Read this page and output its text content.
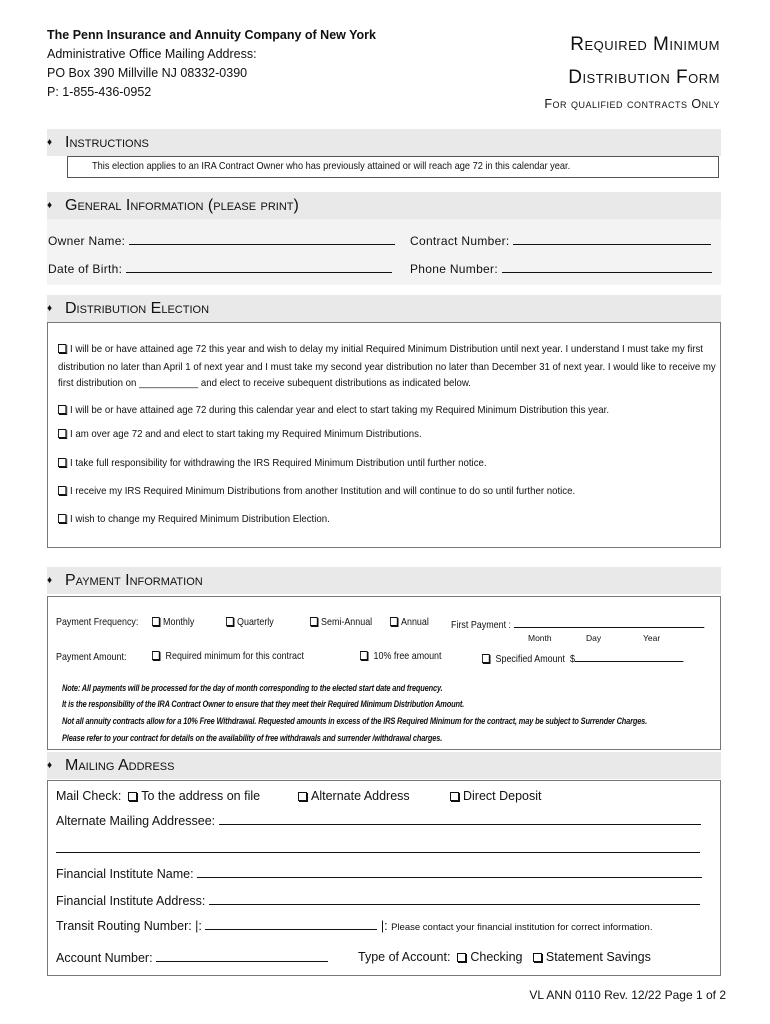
The Penn Insurance and Annuity Company of New York
Administrative Office Mailing Address:
PO Box 390 Millville NJ 08332-0390
P: 1-855-436-0952
Required Minimum
Distribution Form
For qualified contracts Only
♦ Instructions
This election applies to an IRA Contract Owner who has previously attained or will reach age 72 in this calendar year.
♦ General Information (please print)
Owner Name:	Contract Number:
Date of Birth:	Phone Number:
♦ Distribution Election
I will be or have attained age 72 this year and wish to delay my initial Required Minimum Distribution until next year. I understand I must take my first
distribution no later than April 1 of next year and I must take my second year distribution no later than December 31 of next year. I would like to receive my
first distribution on ___________ and elect to receive subequent distributions as indicated below.
I will be or have attained age 72 during this calendar year and elect to start taking my Required Minimum Distribution this year.
I am over age 72 and and elect to start taking my Required Minimum Distributions.
I take full responsibility for withdrawing the IRS Required Minimum Distribution until further notice.
I receive my IRS Required Minimum Distributions from another Institution and will continue to do so until further notice.
I wish to change my Required Minimum Distribution Election.
♦ Payment Information
Payment Frequency:	Monthly	Quarterly	Semi-Annual	Annual First Payment :
Month	Day	Year
Payment Amount:	Required minimum for this contract	10% free amount	Specified Amount $
Note: All payments will be processed for the day of month corresponding to the elected start date and frequency.
It is the responsibility of the IRA Contract Owner to ensure that they meet their Required Minimum Distribution Amount.
Not all annuity contracts allow for a 10% Free Withdrawal. Requested amounts in excess of the IRS Required Minimum for the contract, may be subject to Surrender Charges.
Please refer to your contract for details on the availability of free withdrawals and surrender /withdrawal charges.
♦ Mailing Address
Mail Check: To the address on file	Alternate Address	Direct Deposit
Alternate Mailing Addressee:
Financial Institute Name:
Financial Institute Address:
Transit Routing Number: |:	|: Please contact your financial institution for correct information.
Account Number:	Type of Account: Checking Statement Savings
VL ANN 0110 Rev. 12/22 Page 1 of 2
